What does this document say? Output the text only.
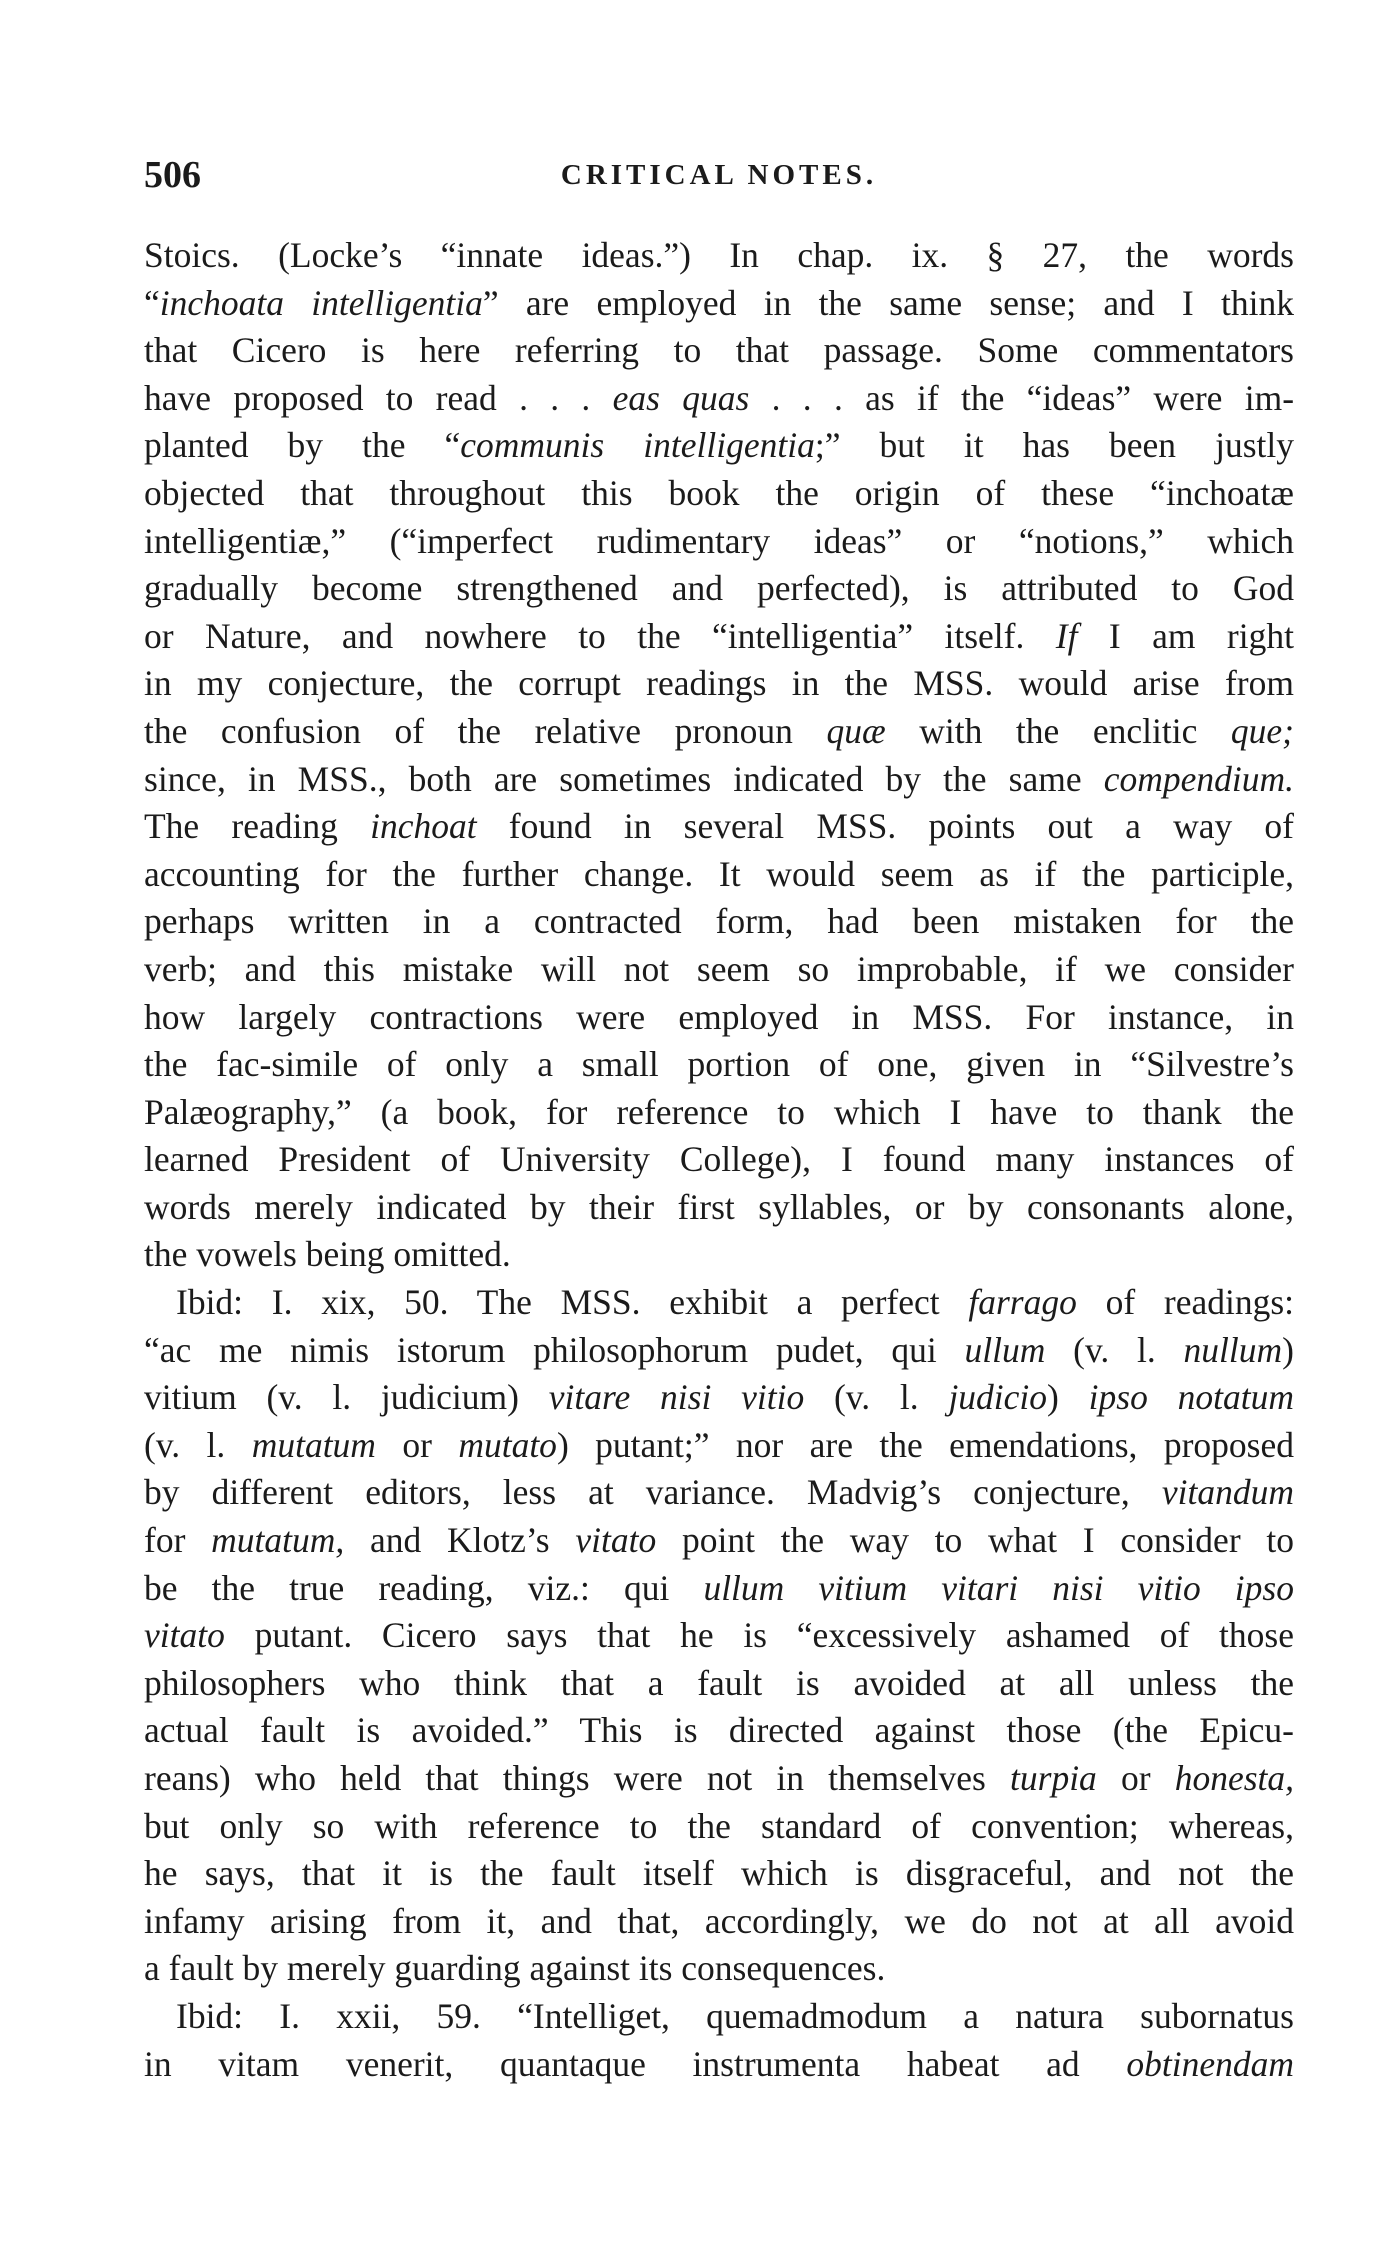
506	CRITICAL NOTES.
Stoics. (Locke’s “innate ideas.”) In chap. ix. § 27, the words
“inchoata intelligentia” are employed in the same sense; and I think
that Cicero is here referring to that passage. Some commentators
have proposed to read . . . eas quas . . . as if the “ideas” were im-
planted by the “communis intelligentia;” but it has been justly
objected that throughout this book the origin of these “inchoatæ
intelligentiæ,” (“imperfect rudimentary ideas” or “notions,” which
gradually become strengthened and perfected), is attributed to God
or Nature, and nowhere to the “intelligentia” itself. If I am right
in my conjecture, the corrupt readings in the MSS. would arise from
the confusion of the relative pronoun quæ with the enclitic que;
since, in MSS., both are sometimes indicated by the same compendium.
The reading inchoat found in several MSS. points out a way of
accounting for the further change. It would seem as if the participle,
perhaps written in a contracted form, had been mistaken for the
verb; and this mistake will not seem so improbable, if we consider
how largely contractions were employed in MSS. For instance, in
the fac-simile of only a small portion of one, given in “Silvestre’s
Palæography,” (a book, for reference to which I have to thank the
learned President of University College), I found many instances of
words merely indicated by their first syllables, or by consonants alone,
the vowels being omitted.
Ibid: I. xix, 50. The MSS. exhibit a perfect farrago of readings:
“ac me nimis istorum philosophorum pudet, qui ullum (v. l. nullum)
vitium (v. l. judicium) vitare nisi vitio (v. l. judicio) ipso notatum
(v. l. mutatum or mutato) putant;” nor are the emendations, proposed
by different editors, less at variance. Madvig’s conjecture, vitandum
for mutatum, and Klotz’s vitato point the way to what I consider to
be the true reading, viz.: qui ullum vitium vitari nisi vitio ipso
vitato putant. Cicero says that he is “excessively ashamed of those
philosophers who think that a fault is avoided at all unless the
actual fault is avoided.” This is directed against those (the Epicu-
reans) who held that things were not in themselves turpia or honesta,
but only so with reference to the standard of convention; whereas,
he says, that it is the fault itself which is disgraceful, and not the
infamy arising from it, and that, accordingly, we do not at all avoid
a fault by merely guarding against its consequences.
Ibid: I. xxii, 59. “Intelliget, quemadmodum a natura subornatus
in vitam venerit, quantaque instrumenta habeat ad obtinendam
